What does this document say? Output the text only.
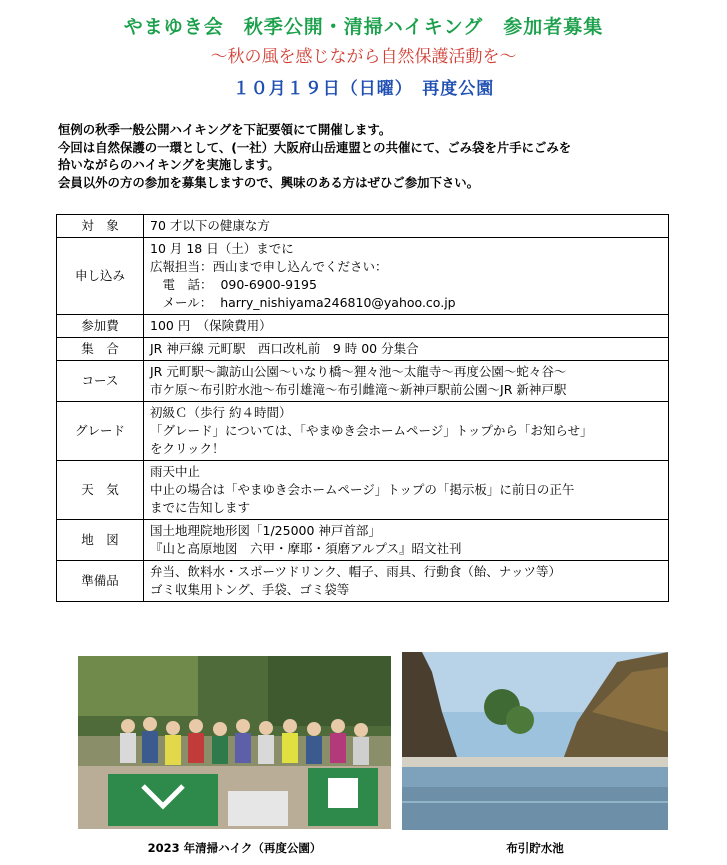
やまゆき会　秋季公開・清掃ハイキング　参加者募集
～秋の風を感じながら自然保護活動を～
１０月１９日（日曜）　再度公園
恒例の秋季一般公開ハイキングを下記要領にて開催します。
今回は自然保護の一環として、(一社）大阪府山岳連盟との共催にて、ごみ袋を片手にごみを
拾いながらのハイキングを実施します。
会員以外の方の参加を募集しますので、興味のある方はぜひご参加下さい。
対　象	70 才以下の健康な方

申し込み	10 月 18 日（土）までに
広報担当：西山まで申し込んでください：
　電　話：  090-6900-9195
　メール：  harry_nishiyama246810@yahoo.co.jp

参加費	100 円　（保険費用）

集　合	JR 神戸線 元町駅　西口改札前　9 時 00 分集合

コース	JR 元町駅～諏訪山公園～いなり橋～狸々池～太龍寺～再度公園～蛇々谷～
市ケ原～布引貯水池～布引雄滝～布引雌滝～新神戸駅前公園～JR 新神戸駅

グレード	初級Ｃ（歩行 約４時間）
「グレード」については、｢やまゆき会ホームページ」トップから「お知らせ」
をクリック！

天　気	雨天中止
中止の場合は「やまゆき会ホームページ」トップの「掲示板」に前日の正午
までに告知します

地　図	国土地理院地形図「1/25000 神戸首部」
『山と高原地図　六甲・摩耶・須磨アルプス』昭文社刊

準備品	弁当、飲料水・スポーツドリンク、帽子、雨具、行動食（飴、ナッツ等）
ゴミ収集用トング、手袋、ゴミ袋等
2023 年清掃ハイク（再度公園）	布引貯水池
